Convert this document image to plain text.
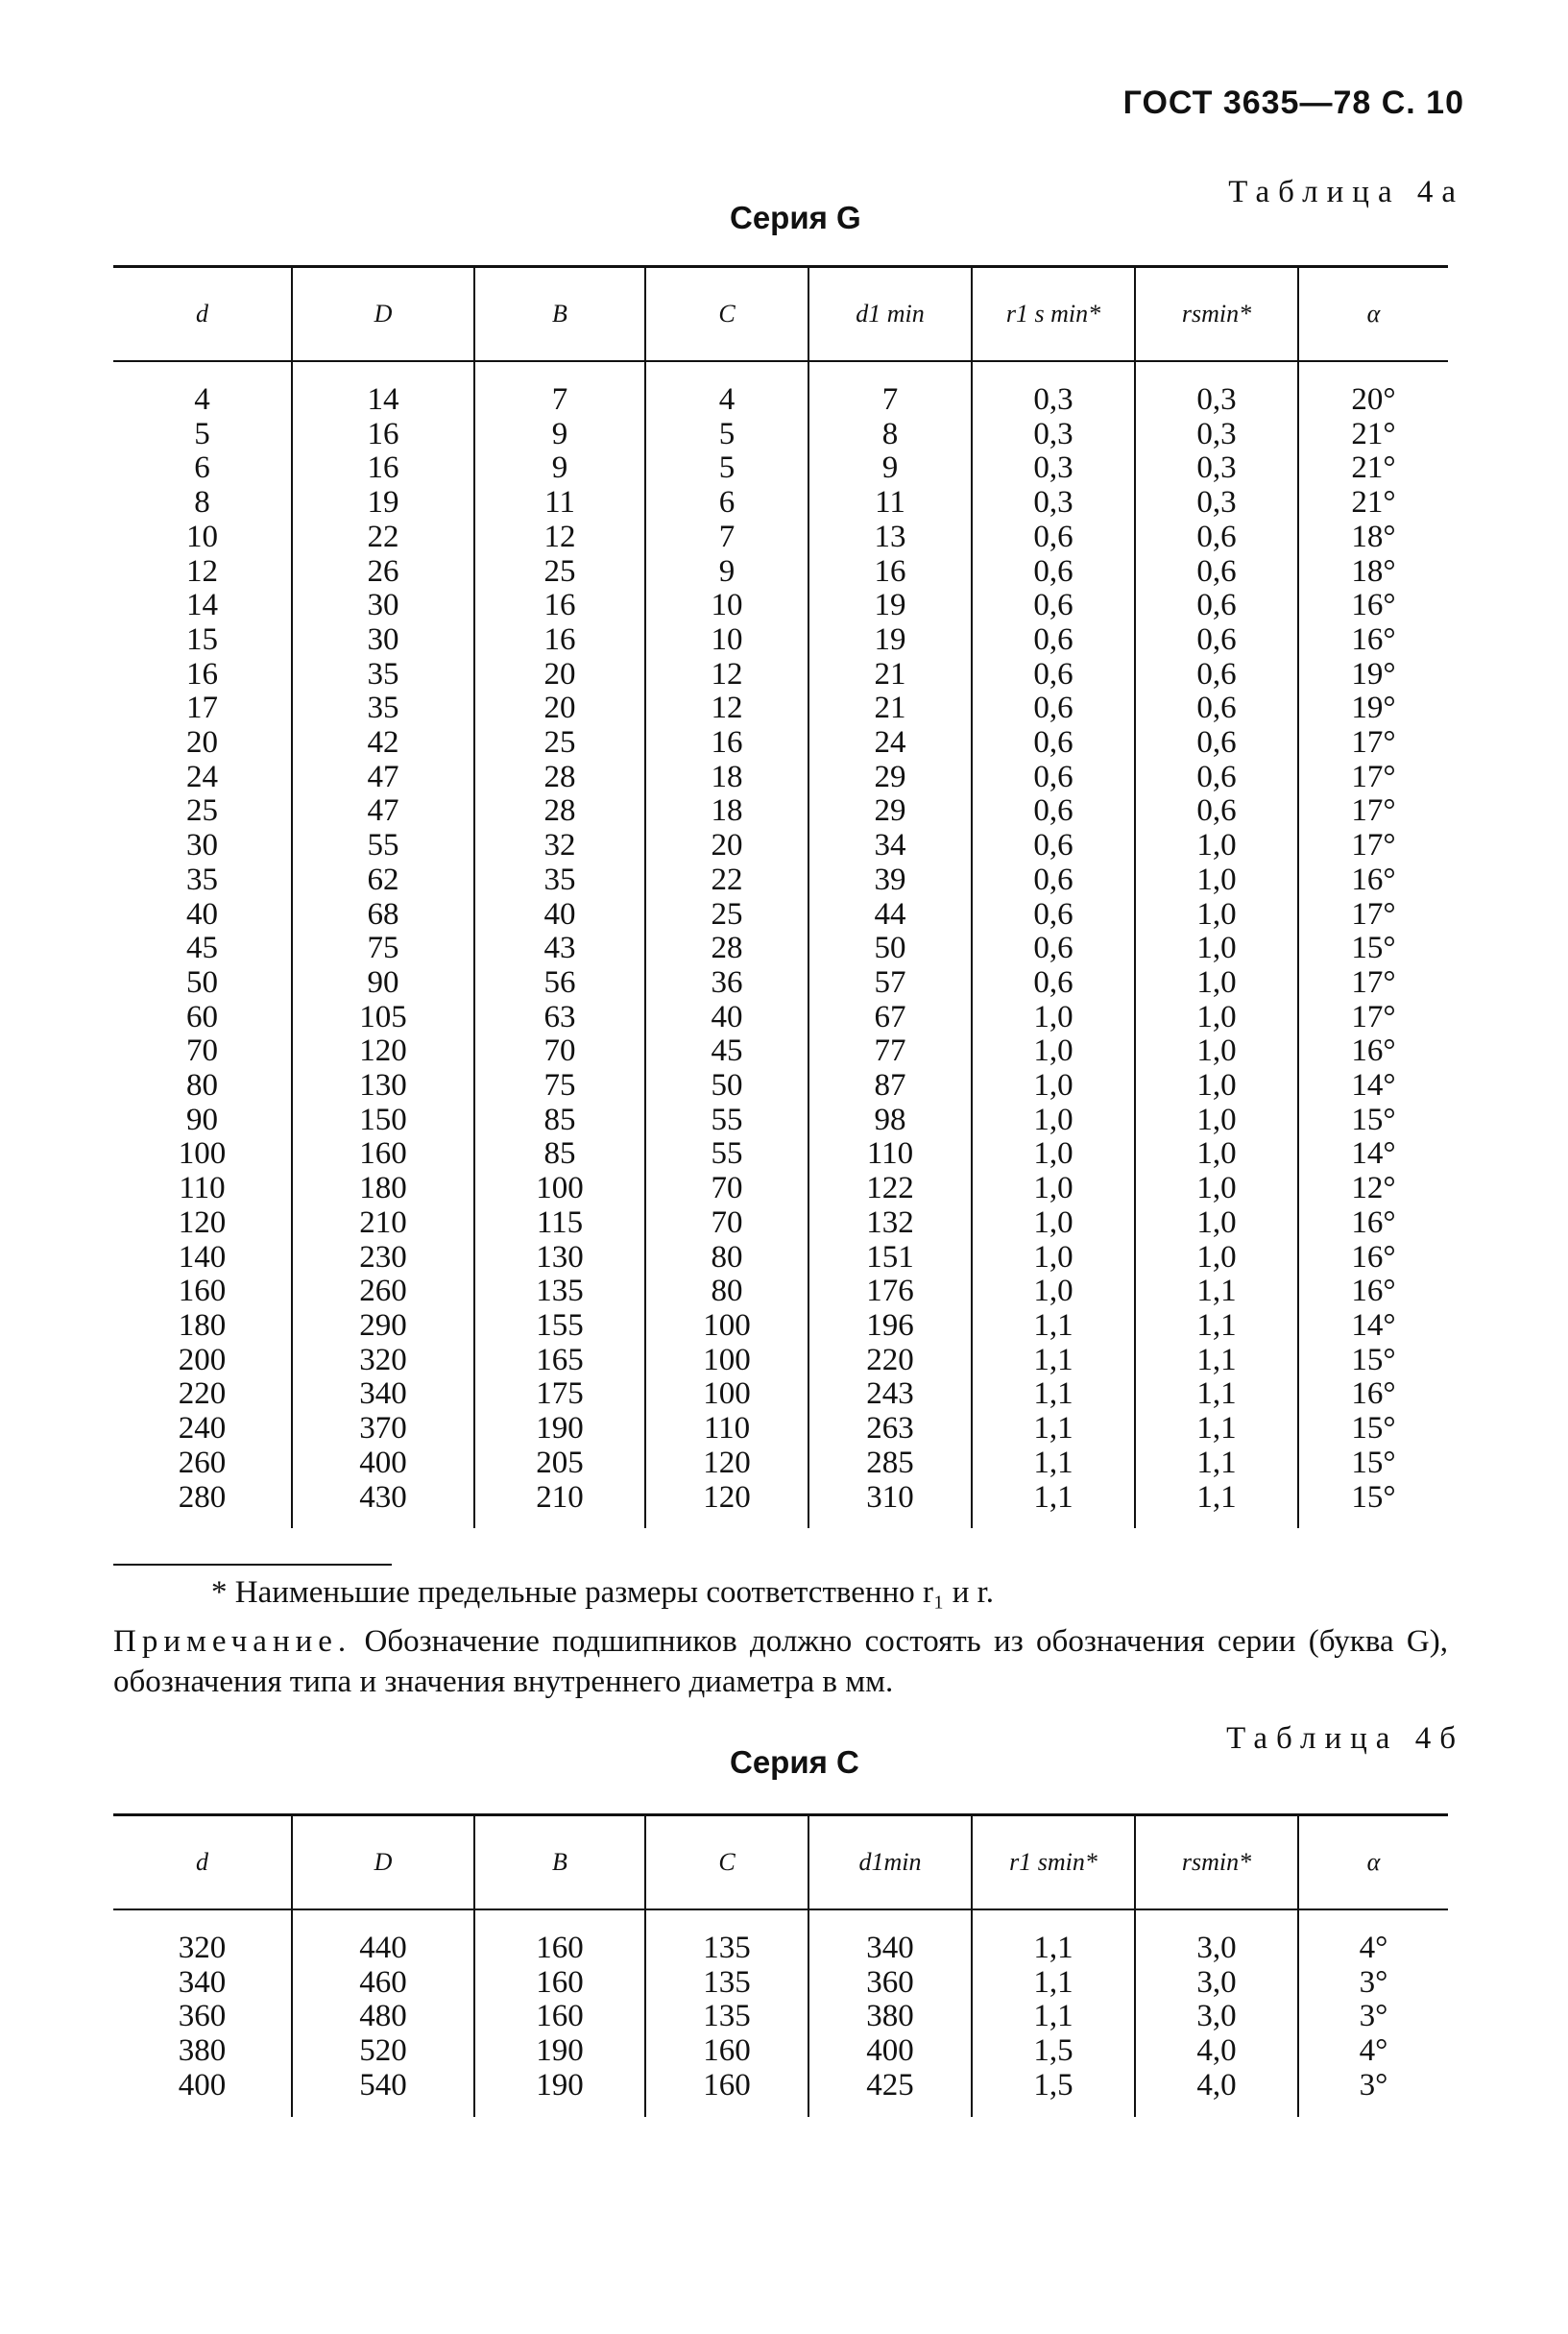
ГОСТ 3635—78 С. 10
Таблица 4а
Серия G
d	D	B	C	d1 min	r1 s min*	rsmin*	α
4	14	7	4	7	0,3	0,3	20°
5	16	9	5	8	0,3	0,3	21°
6	16	9	5	9	0,3	0,3	21°
8	19	11	6	11	0,3	0,3	21°
10	22	12	7	13	0,6	0,6	18°
12	26	25	9	16	0,6	0,6	18°
14	30	16	10	19	0,6	0,6	16°
15	30	16	10	19	0,6	0,6	16°
16	35	20	12	21	0,6	0,6	19°
17	35	20	12	21	0,6	0,6	19°
20	42	25	16	24	0,6	0,6	17°
24	47	28	18	29	0,6	0,6	17°
25	47	28	18	29	0,6	0,6	17°
30	55	32	20	34	0,6	1,0	17°
35	62	35	22	39	0,6	1,0	16°
40	68	40	25	44	0,6	1,0	17°
45	75	43	28	50	0,6	1,0	15°
50	90	56	36	57	0,6	1,0	17°
60	105	63	40	67	1,0	1,0	17°
70	120	70	45	77	1,0	1,0	16°
80	130	75	50	87	1,0	1,0	14°
90	150	85	55	98	1,0	1,0	15°
100	160	85	55	110	1,0	1,0	14°
110	180	100	70	122	1,0	1,0	12°
120	210	115	70	132	1,0	1,0	16°
140	230	130	80	151	1,0	1,0	16°
160	260	135	80	176	1,0	1,1	16°
180	290	155	100	196	1,1	1,1	14°
200	320	165	100	220	1,1	1,1	15°
220	340	175	100	243	1,1	1,1	16°
240	370	190	110	263	1,1	1,1	15°
260	400	205	120	285	1,1	1,1	15°
280	430	210	120	310	1,1	1,1	15°
* Наименьшие предельные размеры соответственно r₁ и r.
Примечание. Обозначение подшипников должно состоять из обозначения серии (буква G), обозначения типа и значения внутреннего диаметра в мм.
Таблица 4б
Серия С
d	D	B	C	d1min	r1 smin*	rsmin*	α
320	440	160	135	340	1,1	3,0	4°
340	460	160	135	360	1,1	3,0	3°
360	480	160	135	380	1,1	3,0	3°
380	520	190	160	400	1,5	4,0	4°
400	540	190	160	425	1,5	4,0	3°
